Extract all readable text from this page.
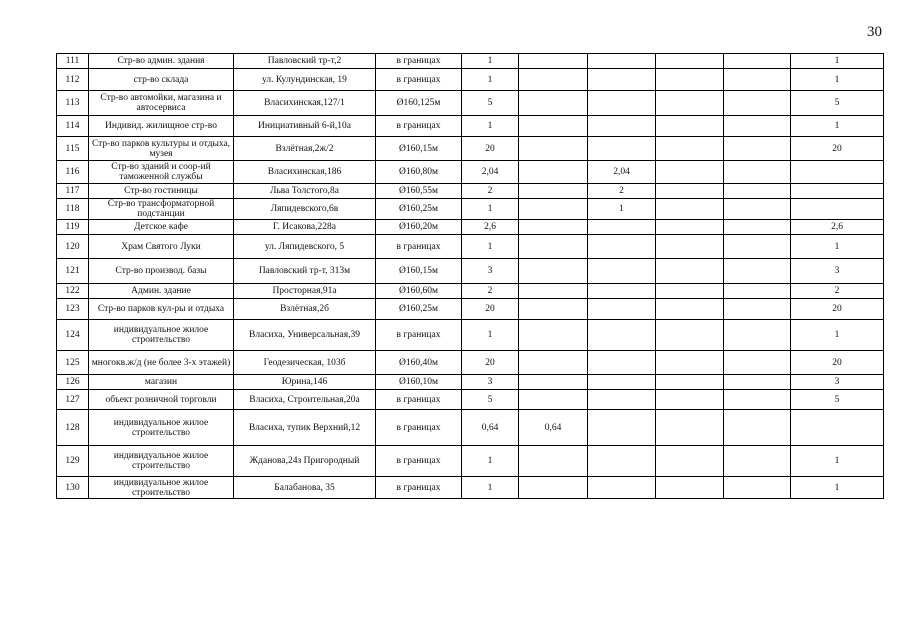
30
111	Стр-во админ. здания	Павловский тр-т,2	в границах	1					1
112	стр-во склада	ул. Кулундинская, 19	в границах	1					1
113	Стр-во автомойки, магазина и автосервиса	Власихинская,127/1	Ø160,125м	5					5
114	Индивид. жилищное стр-во	Инициативный 6-й,10а	в границах	1					1
115	Стр-во парков культуры и отдыха, музея	Взлётная,2ж/2	Ø160,15м	20					20
116	Стр-во зданий и соор-ий таможенной службы	Власихинская,186	Ø160,80м	2,04		2,04			
117	Стр-во гостиницы	Льва Толстого,8а	Ø160,55м	2		2			
118	Стр-во трансформаторной подстанции	Ляпидевского,6в	Ø160,25м	1		1			
119	Детское кафе	Г. Исакова,228а	Ø160,20м	2,6					2,6
120	Храм Святого Луки	ул. Ляпидевского, 5	в границах	1					1
121	Стр-во производ. базы	Павловский тр-т, 313м	Ø160,15м	3					3
122	Админ. здание	Просторная,91а	Ø160,60м	2					2
123	Стр-во парков кул-ры и отдыха	Взлётная,2б	Ø160,25м	20					20
124	индивидуальное жилое строительство	Власиха, Универсальная,39	в границах	1					1
125	многокв.ж/д (не более 3-х этажей)	Геодезическая, 103б	Ø160,40м	20					20
126	магазин	Юрина,146	Ø160,10м	3					3
127	объект розничной торговли	Власиха, Строительная,20а	в границах	5					5
128	индивидуальное жилое строительство	Власиха, тупик Верхний,12	в границах	0,64	0,64				
129	индивидуальное жилое строительство	Жданова,24з Пригородный	в границах	1					1
130	индивидуальное жилое строительство	Балабанова, 35	в границах	1					1
